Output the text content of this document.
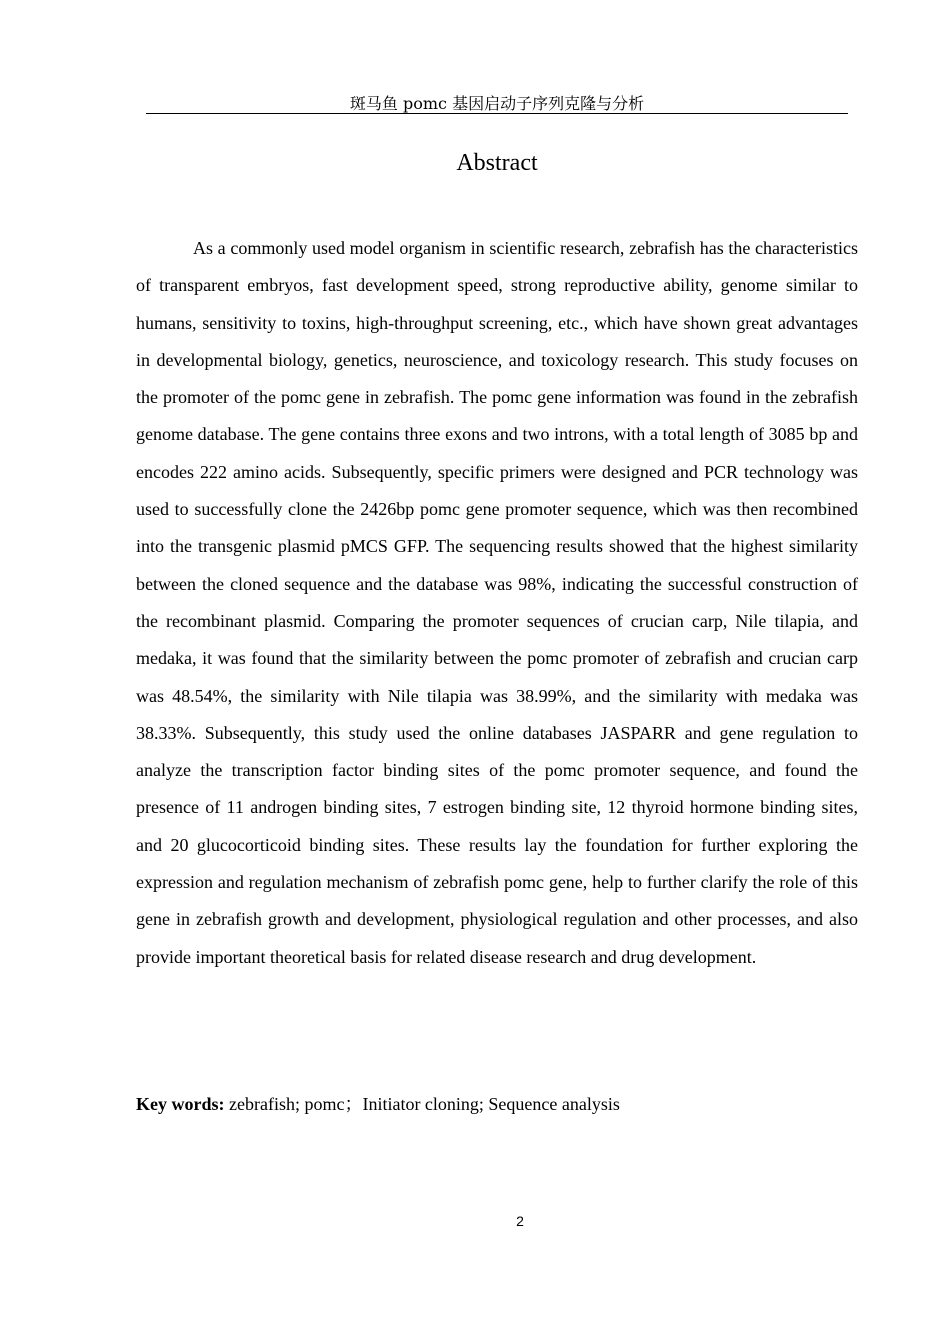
斑马鱼 pomc 基因启动子序列克隆与分析
Abstract

As a commonly used model organism in scientific research, zebrafish has the characteristics of transparent embryos, fast development speed, strong reproductive ability, genome similar to humans, sensitivity to toxins, high-throughput screening, etc., which have shown great advantages in developmental biology, genetics, neuroscience, and toxicology research. This study focuses on the promoter of the pomc gene in zebrafish. The pomc gene information was found in the zebrafish genome database. The gene contains three exons and two introns, with a total length of 3085 bp and encodes 222 amino acids. Subsequently, specific primers were designed and PCR technology was used to successfully clone the 2426bp pomc gene promoter sequence, which was then recombined into the transgenic plasmid pMCS GFP. The sequencing results showed that the highest similarity between the cloned sequence and the database was 98%, indicating the successful construction of the recombinant plasmid. Comparing the promoter sequences of crucian carp, Nile tilapia, and medaka, it was found that the similarity between the pomc promoter of zebrafish and crucian carp was 48.54%, the similarity with Nile tilapia was 38.99%, and the similarity with medaka was 38.33%. Subsequently, this study used the online databases JASPARR and gene regulation to analyze the transcription factor binding sites of the pomc promoter sequence, and found the presence of 11 androgen binding sites, 7 estrogen binding site, 12 thyroid hormone binding sites, and 20 glucocorticoid binding sites. These results lay the foundation for further exploring the expression and regulation mechanism of zebrafish pomc gene, help to further clarify the role of this gene in zebrafish growth and development, physiological regulation and other processes, and also provide important theoretical basis for related disease research and drug development.

Key words: zebrafish; pomc；Initiator cloning; Sequence analysis
2
